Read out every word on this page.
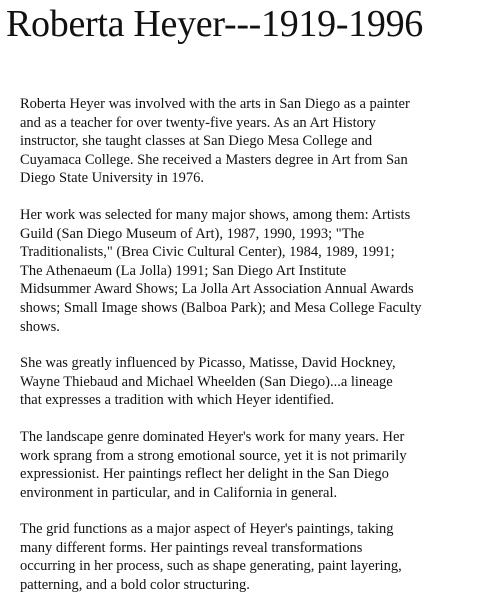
Roberta Heyer---1919-1996

Roberta Heyer was involved with the arts in San Diego as a painter
and as a teacher for over twenty-five years. As an Art History
instructor, she taught classes at San Diego Mesa College and
Cuyamaca College. She received a Masters degree in Art from San
Diego State University in 1976.

Her work was selected for many major shows, among them: Artists
Guild (San Diego Museum of Art), 1987, 1990, 1993; "The
Traditionalists," (Brea Civic Cultural Center), 1984, 1989, 1991;
The Athenaeum (La Jolla) 1991; San Diego Art Institute
Midsummer Award Shows; La Jolla Art Association Annual Awards
shows; Small Image shows (Balboa Park); and Mesa College Faculty
shows.

She was greatly influenced by Picasso, Matisse, David Hockney,
Wayne Thiebaud and Michael Wheelden (San Diego)...a lineage
that expresses a tradition with which Heyer identified.

The landscape genre dominated Heyer's work for many years. Her
work sprang from a strong emotional source, yet it is not primarily
expressionist. Her paintings reflect her delight in the San Diego
environment in particular, and in California in general.

The grid functions as a major aspect of Heyer's paintings, taking
many different forms. Her paintings reveal transformations
occurring in her process, such as shape generating, paint layering,
patterning, and a bold color structuring.
